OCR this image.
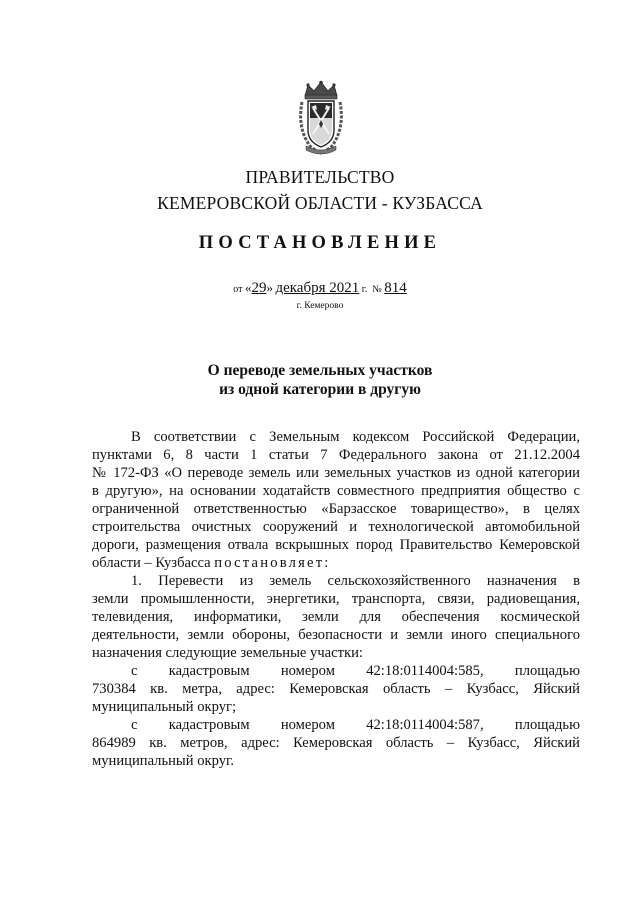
ПРАВИТЕЛЬСТВО
КЕМЕРОВСКОЙ ОБЛАСТИ - КУЗБАССА
ПОСТАНОВЛЕНИЕ
от «29» декабря 2021 г. № 814
г. Кемерово
О переводе земельных участков
из одной категории в другую
В соответствии с Земельным кодексом Российской Федерации,
пунктами 6, 8 части 1 статьи 7 Федерального закона от 21.12.2004
№ 172-ФЗ «О переводе земель или земельных участков из одной категории
в другую», на основании ходатайств совместного предприятия общество с
ограниченной ответственностью «Барзасское товарищество», в целях
строительства очистных сооружений и технологической автомобильной
дороги, размещения отвала вскрышных пород Правительство Кемеровской
области – Кузбасса постановляет:
1. Перевести из земель сельскохозяйственного назначения в
земли промышленности, энергетики, транспорта, связи, радиовещания,
телевидения, информатики, земли для обеспечения космической
деятельности, земли обороны, безопасности и земли иного специального
назначения следующие земельные участки:
с кадастровым номером 42:18:0114004:585, площадью
730384 кв. метра, адрес: Кемеровская область – Кузбасс, Яйский
муниципальный округ;
с кадастровым номером 42:18:0114004:587, площадью
864989 кв. метров, адрес: Кемеровская область – Кузбасс, Яйский
муниципальный округ.
